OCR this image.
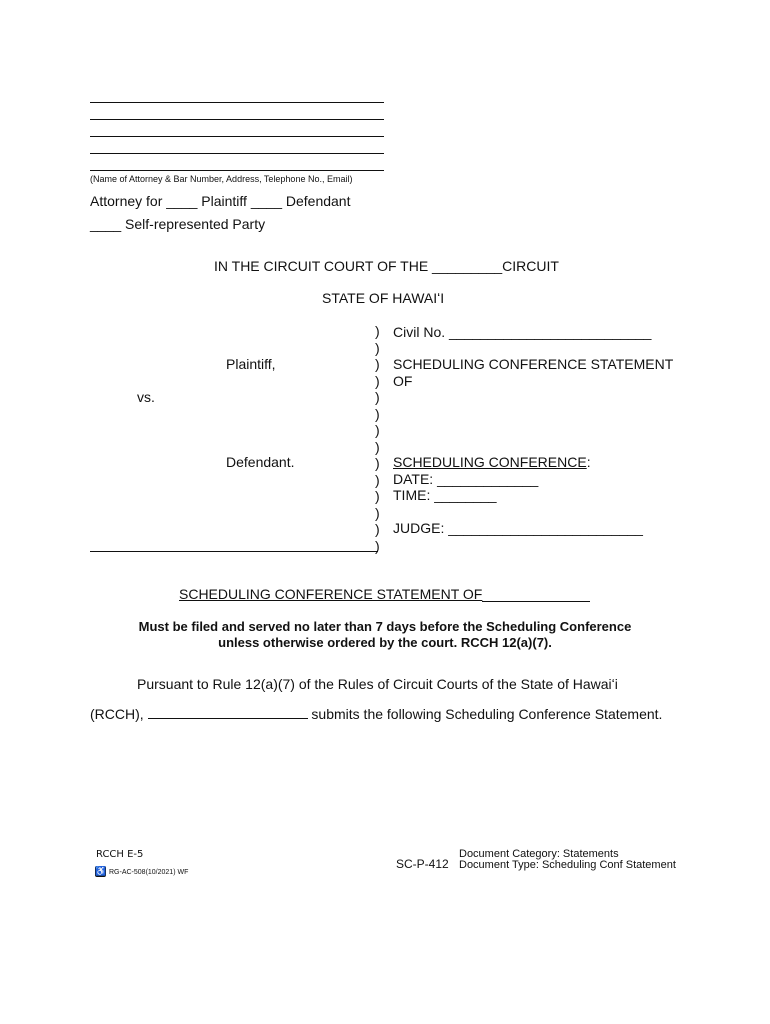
(Name of Attorney & Bar Number, Address, Telephone No., Email)
Attorney for ____ Plaintiff ____ Defendant
____ Self-represented Party
IN THE CIRCUIT COURT OF THE _________CIRCUIT
STATE OF HAWAIʻI
Plaintiff,
vs.
Defendant.
)
)
)
)
)
)
)
)
)
)
)
)
)
)
Civil No. __________________________
SCHEDULING CONFERENCE STATEMENT
OF
SCHEDULING CONFERENCE:
DATE: _____________
TIME: ________
JUDGE: _________________________
SCHEDULING CONFERENCE STATEMENT OF
Must be filed and served no later than 7 days before the Scheduling Conference
unless otherwise ordered by the court. RCCH 12(a)(7).
Pursuant to Rule 12(a)(7) of the Rules of Circuit Courts of the State of Hawaiʻi
(RCCH),	submits the following Scheduling Conference Statement.
RCCH E-5
♿ RG-AC-508(10/2021) WF
SC-P-412
Document Category: Statements
Document Type: Scheduling Conf Statement
